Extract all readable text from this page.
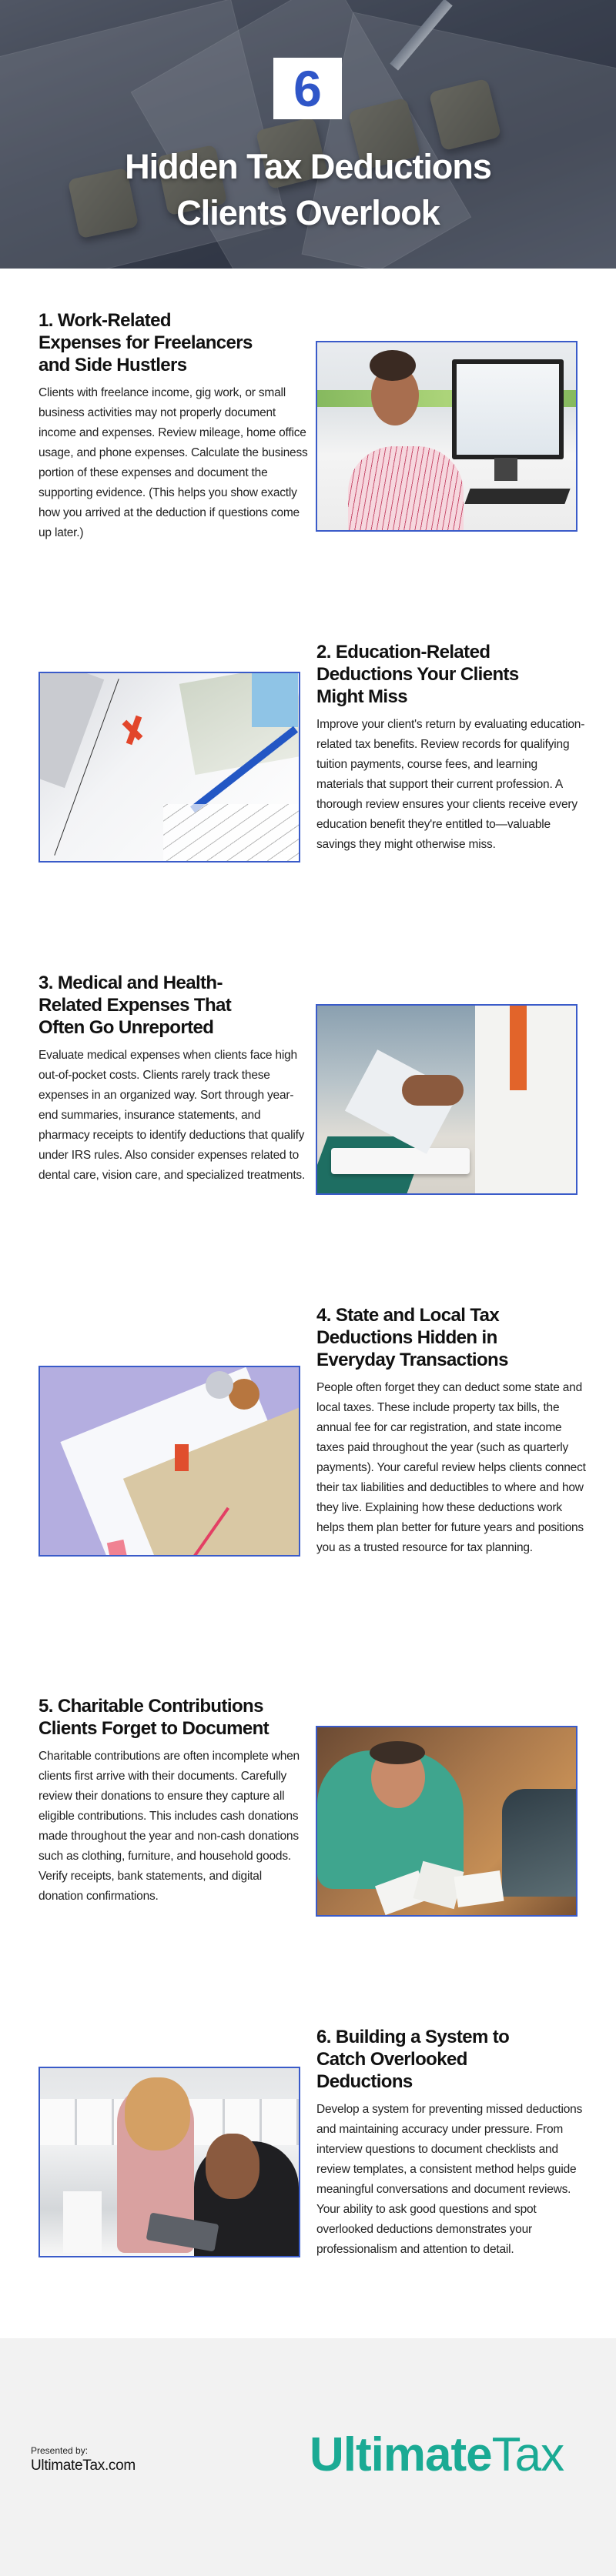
6
Hidden Tax Deductions
Clients Overlook
1. Work-Related
Expenses for Freelancers
and Side Hustlers

Clients with freelance income, gig work, or small business activities may not properly document income and expenses. Review mileage, home office usage, and phone expenses. Calculate the business portion of these expenses and document the supporting evidence. (This helps you show exactly how you arrived at the deduction if questions come up later.)

2. Education-Related
Deductions Your Clients
Might Miss

Improve your client's return by evaluating education-related tax benefits. Review records for qualifying tuition payments, course fees, and learning materials that support their current profession. A thorough review ensures your clients receive every education benefit they're entitled to—valuable savings they might otherwise miss.

3. Medical and Health-
Related Expenses That
Often Go Unreported

Evaluate medical expenses when clients face high out-of-pocket costs. Clients rarely track these expenses in an organized way. Sort through year-end summaries, insurance statements, and pharmacy receipts to identify deductions that qualify under IRS rules. Also consider expenses related to dental care, vision care, and specialized treatments.

4. State and Local Tax
Deductions Hidden in
Everyday Transactions

People often forget they can deduct some state and local taxes. These include property tax bills, the annual fee for car registration, and state income taxes paid throughout the year (such as quarterly payments). Your careful review helps clients connect their tax liabilities and deductibles to where and how they live. Explaining how these deductions work helps them plan better for future years and positions you as a trusted resource for tax planning.

5. Charitable Contributions
Clients Forget to Document

Charitable contributions are often incomplete when clients first arrive with their documents. Carefully review their donations to ensure they capture all eligible contributions. This includes cash donations made throughout the year and non-cash donations such as clothing, furniture, and household goods. Verify receipts, bank statements, and digital donation confirmations.

6. Building a System to
Catch Overlooked
Deductions

Develop a system for preventing missed deductions and maintaining accuracy under pressure. From interview questions to document checklists and review templates, a consistent method helps guide meaningful conversations and document reviews. Your ability to ask good questions and spot overlooked deductions demonstrates your professionalism and attention to detail.

Presented by:
UltimateTax.com	UltimateTax
